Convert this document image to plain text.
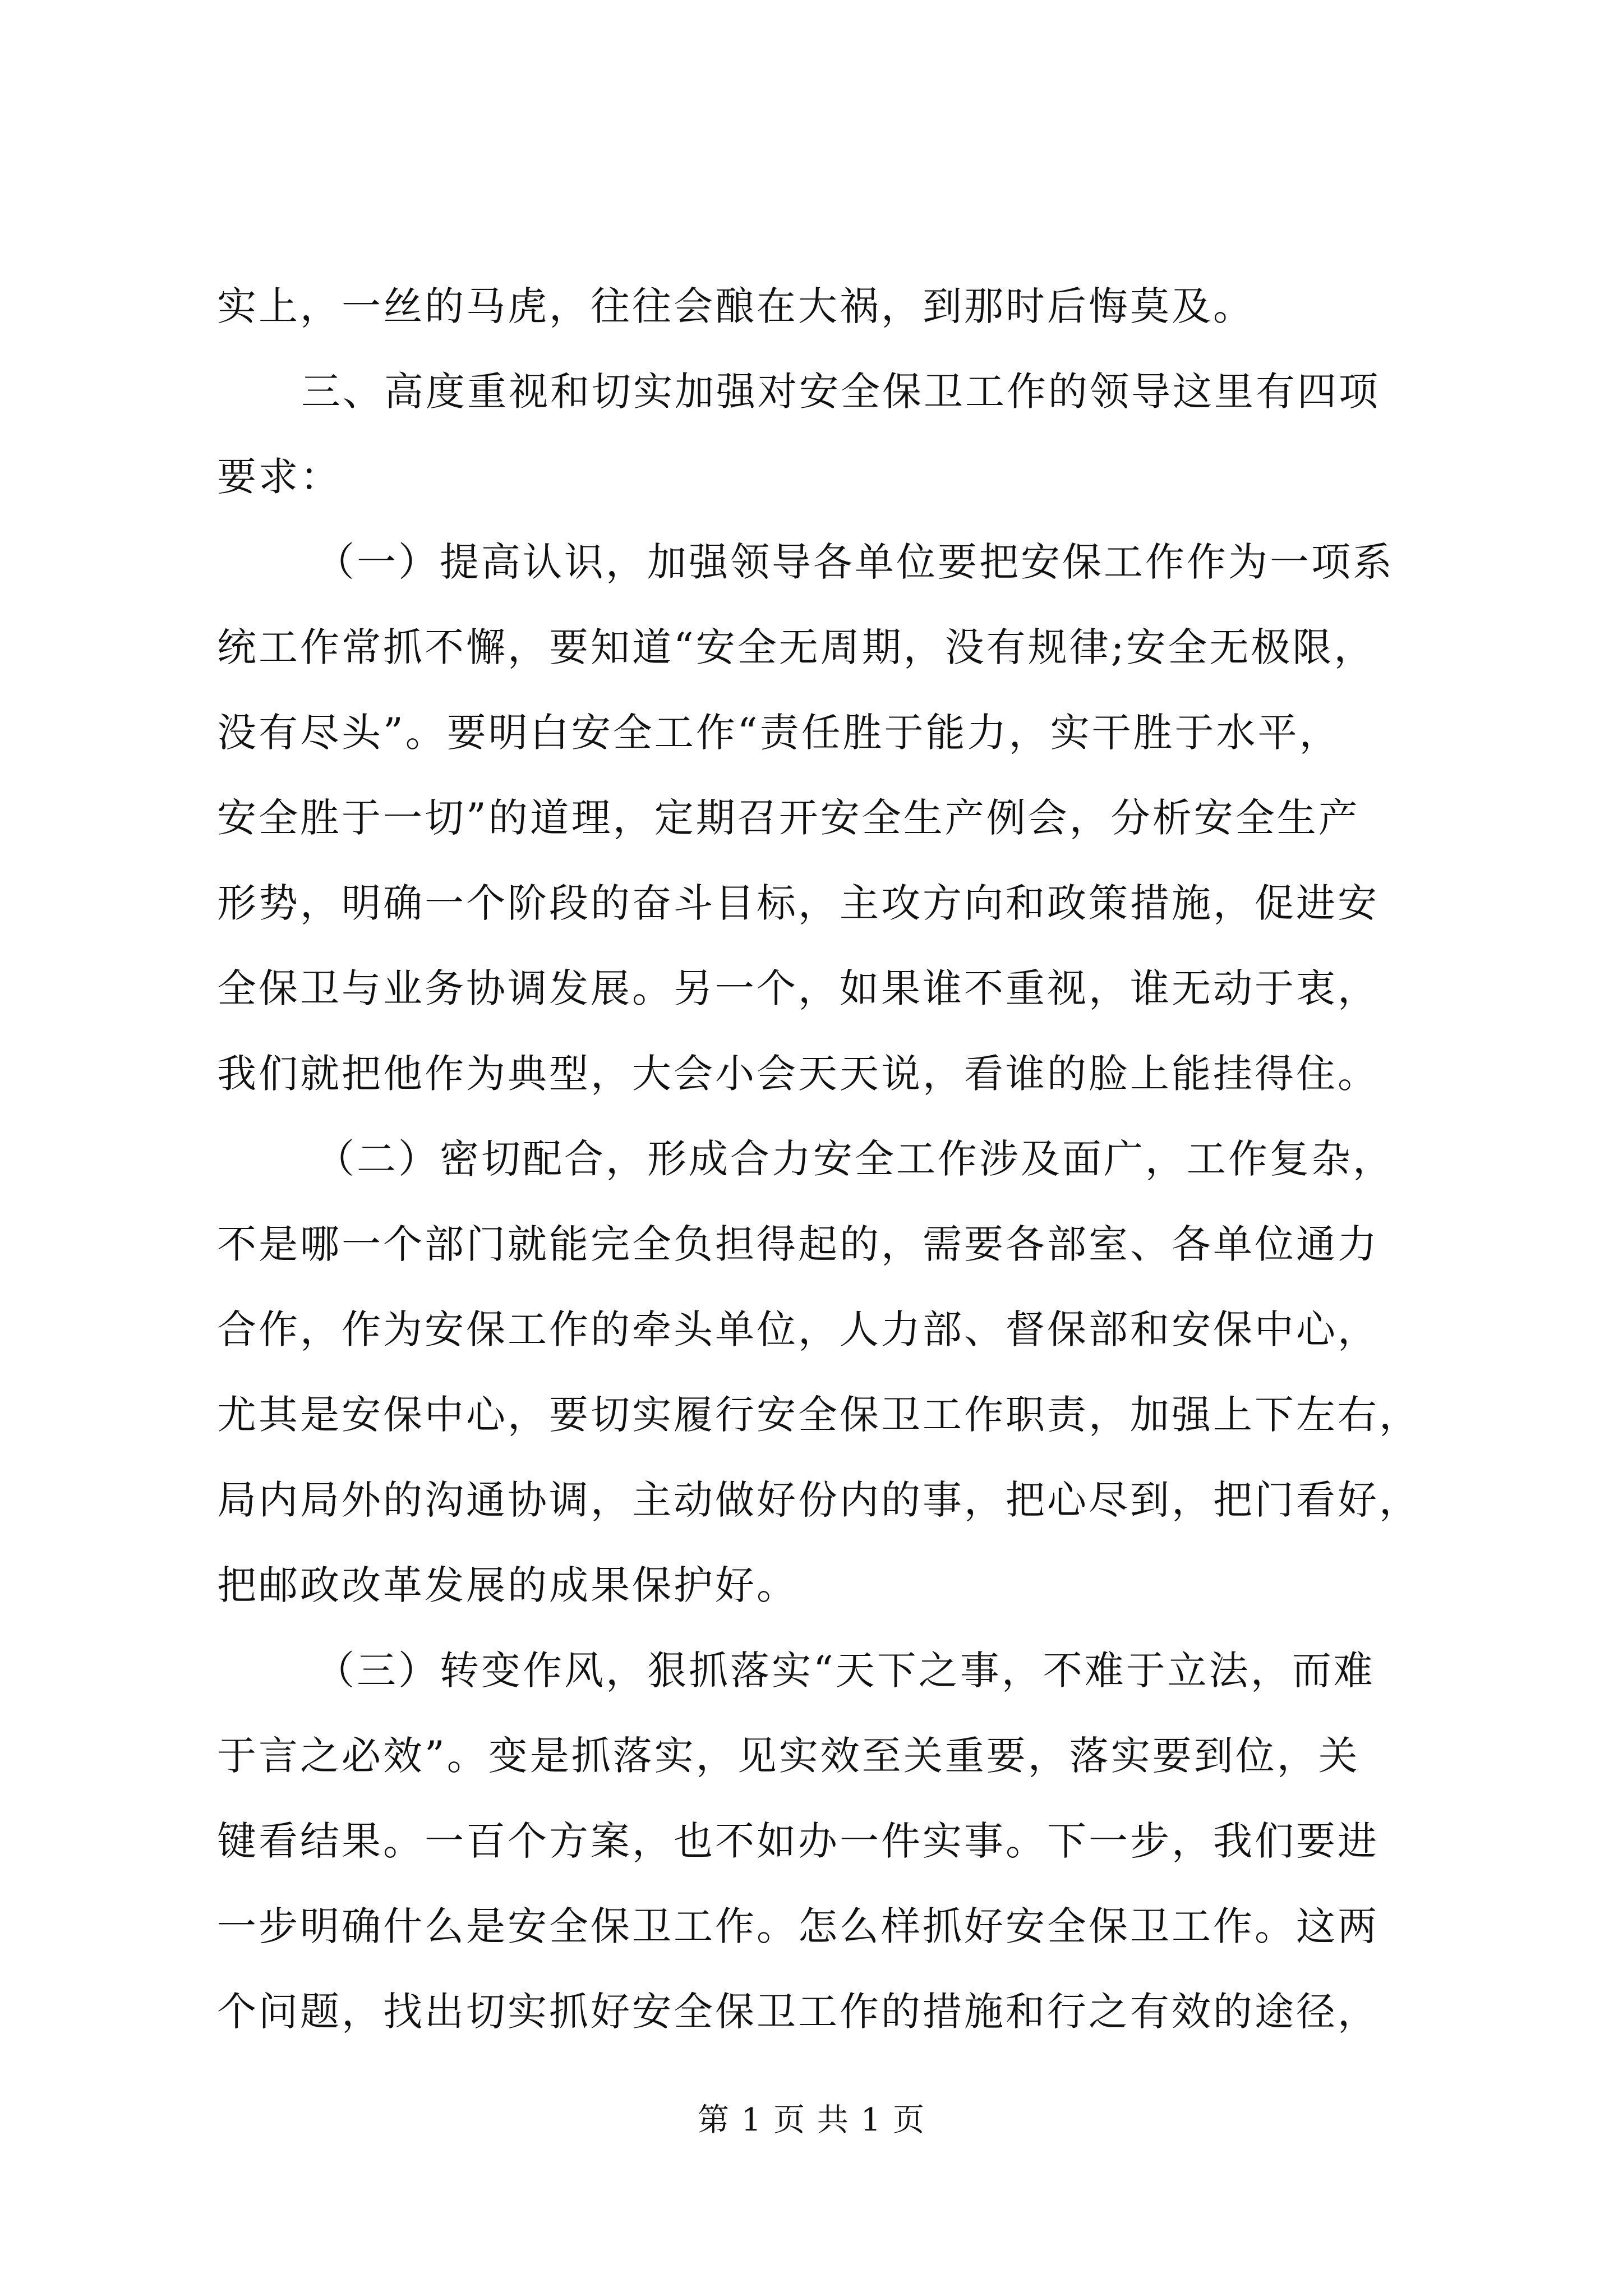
实上，一丝的马虎，往往会酿在大祸，到那时后悔莫及。
三、高度重视和切实加强对安全保卫工作的领导这里有四项
要求：
（一）提高认识，加强领导各单位要把安保工作作为一项系
统工作常抓不懈，要知道“安全无周期，没有规律;安全无极限，
没有尽头”。要明白安全工作“责任胜于能力，实干胜于水平，
安全胜于一切”的道理，定期召开安全生产例会，分析安全生产
形势，明确一个阶段的奋斗目标，主攻方向和政策措施，促进安
全保卫与业务协调发展。另一个，如果谁不重视，谁无动于衷，
我们就把他作为典型，大会小会天天说，看谁的脸上能挂得住。
（二）密切配合，形成合力安全工作涉及面广，工作复杂，
不是哪一个部门就能完全负担得起的，需要各部室、各单位通力
合作，作为安保工作的牵头单位，人力部、督保部和安保中心，
尤其是安保中心，要切实履行安全保卫工作职责，加强上下左右，
局内局外的沟通协调，主动做好份内的事，把心尽到，把门看好，
把邮政改革发展的成果保护好。
（三）转变作风，狠抓落实“天下之事，不难于立法，而难
于言之必效”。变是抓落实，见实效至关重要，落实要到位，关
键看结果。一百个方案，也不如办一件实事。下一步，我们要进
一步明确什么是安全保卫工作。怎么样抓好安全保卫工作。这两
个问题，找出切实抓好安全保卫工作的措施和行之有效的途径，
第 1 页 共 1 页
